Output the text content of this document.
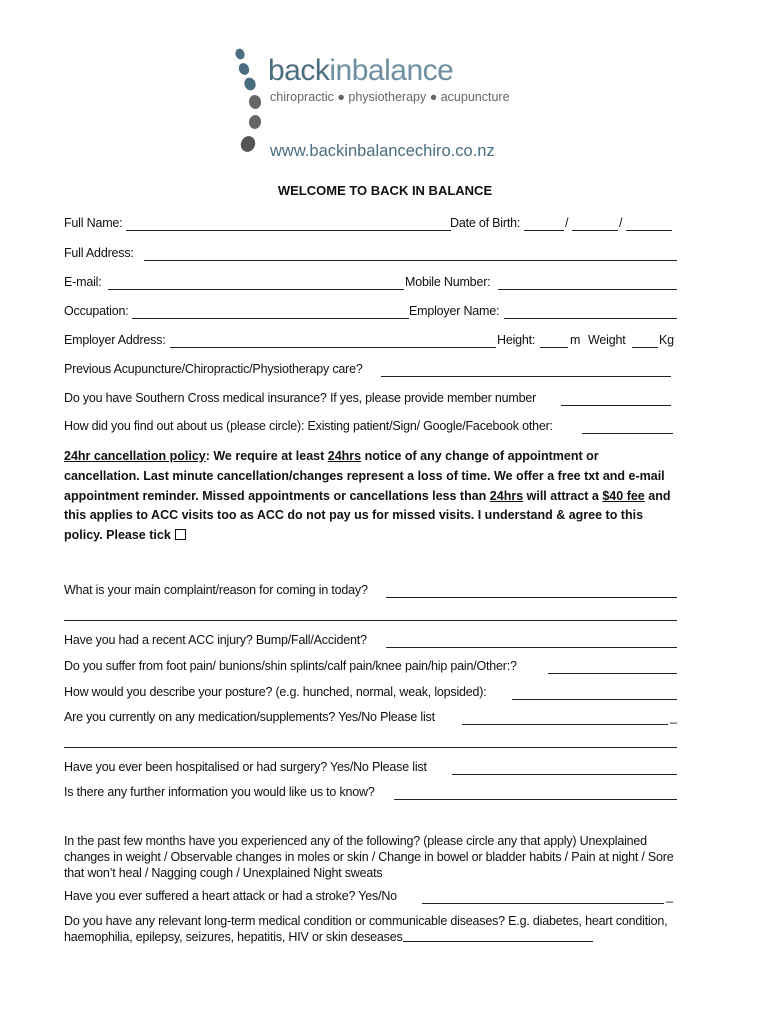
backinbalance
chiropractic ● physiotherapy ● acupuncture
www.backinbalancechiro.co.nz
WELCOME TO BACK IN BALANCE
Full Name:	Date of Birth:	/	/
Full Address:
E-mail:	Mobile Number:
Occupation:	Employer Name:
Employer Address:	Height:	m Weight	Kg
Previous Acupuncture/Chiropractic/Physiotherapy care?
Do you have Southern Cross medical insurance? If yes, please provide member number
How did you find out about us (please circle): Existing patient/Sign/ Google/Facebook other:
24hr cancellation policy: We require at least 24hrs notice of any change of appointment or cancellation. Last minute cancellation/changes represent a loss of time. We offer a free txt and e-mail appointment reminder. Missed appointments or cancellations less than 24hrs will attract a $40 fee and this applies to ACC visits too as ACC do not pay us for missed visits. I understand & agree to this policy. Please tick
What is your main complaint/reason for coming in today?
Have you had a recent ACC injury? Bump/Fall/Accident?
Do you suffer from foot pain/ bunions/shin splints/calf pain/knee pain/hip pain/Other:?
How would you describe your posture? (e.g. hunched, normal, weak, lopsided):
Are you currently on any medication/supplements? Yes/No Please list	_
Have you ever been hospitalised or had surgery? Yes/No Please list
Is there any further information you would like us to know?
In the past few months have you experienced any of the following? (please circle any that apply) Unexplained changes in weight / Observable changes in moles or skin / Change in bowel or bladder habits / Pain at night / Sore that won’t heal / Nagging cough / Unexplained Night sweats
Have you ever suffered a heart attack or had a stroke? Yes/No	_
Do you have any relevant long-term medical condition or communicable diseases? E.g. diabetes, heart condition, haemophilia, epilepsy, seizures, hepatitis, HIV or skin deseases
